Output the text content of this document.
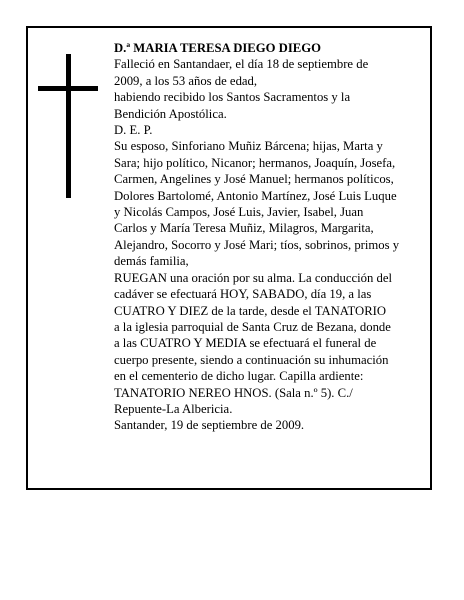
D.ª MARIA TERESA DIEGO DIEGO
Falleció en Santandaer, el día 18 de septiembre de
2009, a los 53 años de edad,
habiendo recibido los Santos Sacramentos y la
Bendición Apostólica.
D. E. P.
Su esposo, Sinforiano Muñiz Bárcena; hijas, Marta y
Sara; hijo político, Nicanor; hermanos, Joaquín, Josefa,
Carmen, Angelines y José Manuel; hermanos políticos,
Dolores Bartolomé, Antonio Martínez, José Luis Luque
y Nicolás Campos, José Luis, Javier, Isabel, Juan
Carlos y María Teresa Muñiz, Milagros, Margarita,
Alejandro, Socorro y José Mari; tíos, sobrinos, primos y
demás familia,
RUEGAN una oración por su alma. La conducción del
cadáver se efectuará HOY, SABADO, día 19, a las
CUATRO Y DIEZ de la tarde, desde el TANATORIO
a la iglesia parroquial de Santa Cruz de Bezana, donde
a las CUATRO Y MEDIA se efectuará el funeral de
cuerpo presente, siendo a continuación su inhumación
en el cementerio de dicho lugar. Capilla ardiente:
TANATORIO NEREO HNOS. (Sala n.º 5). C./
Repuente-La Albericia.
Santander, 19 de septiembre de 2009.
